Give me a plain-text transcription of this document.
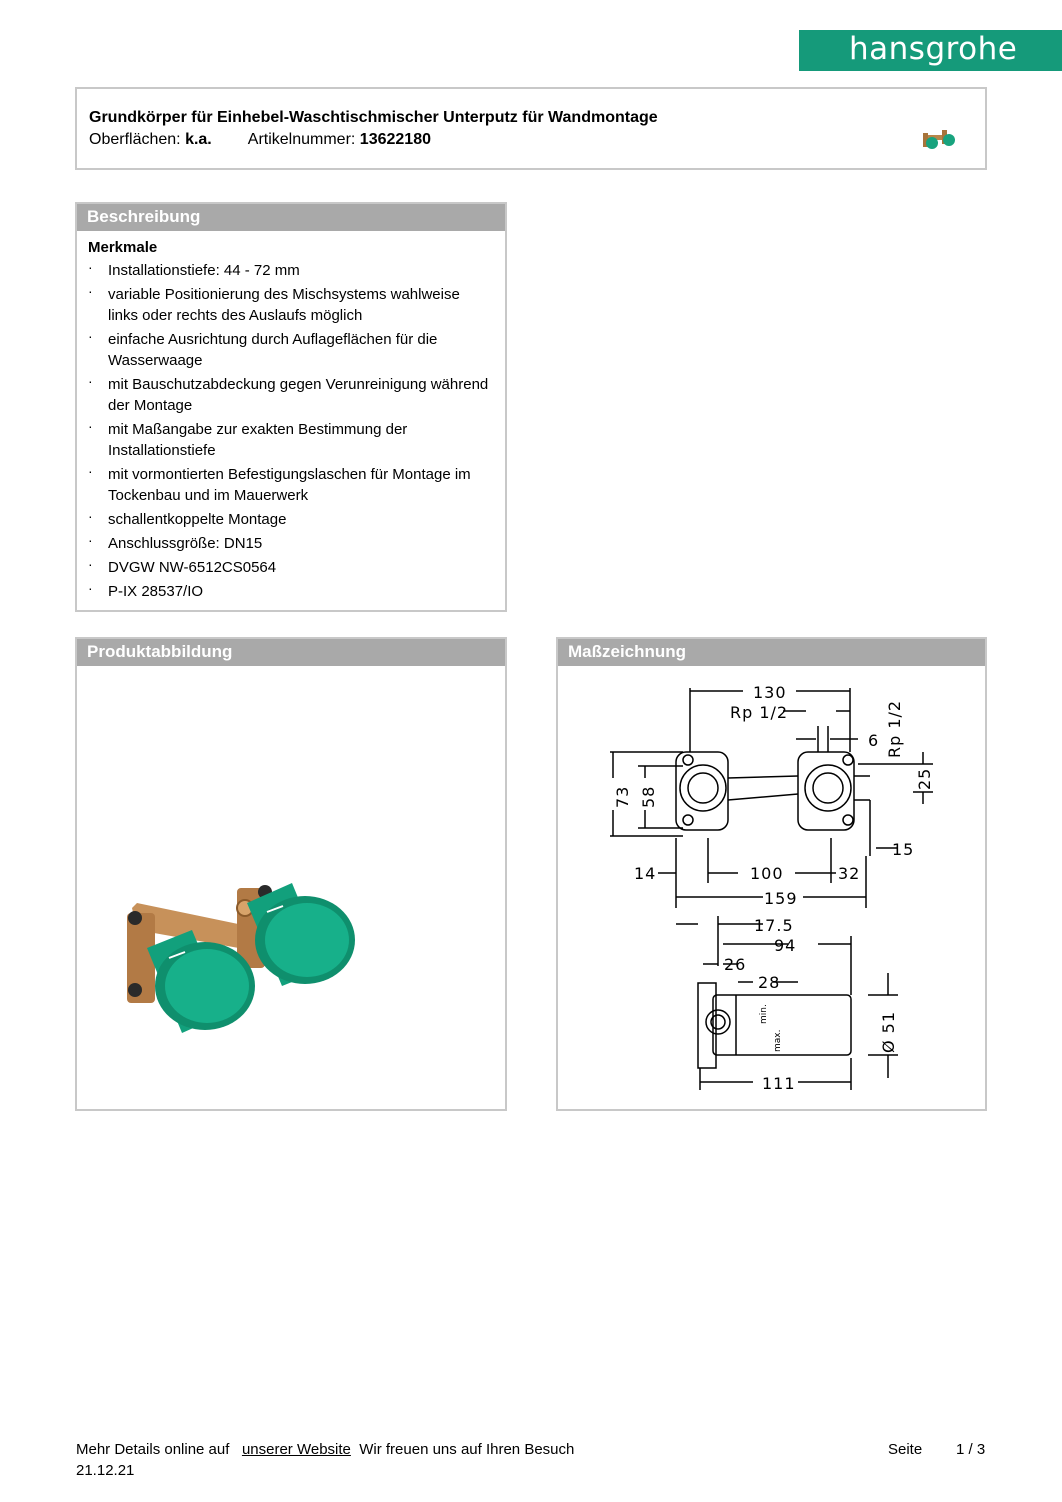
hansgrohe
Grundkörper für Einhebel-Waschtischmischer Unterputz für Wandmontage
Oberflächen: k.a. Artikelnummer: 13622180
Beschreibung
Merkmale
· Installationstiefe: 44 - 72 mm
· variable Positionierung des Mischsystems wahlweise links oder rechts des Auslaufs möglich
· einfache Ausrichtung durch Auflageflächen für die Wasserwaage
· mit Bauschutzabdeckung gegen Verunreinigung während der Montage
· mit Maßangabe zur exakten Bestimmung der Installationstiefe
· mit vormontierten Befestigungslaschen für Montage im Tockenbau und im Mauerwerk
· schallentkoppelte Montage
· Anschlussgröße: DN15
· DVGW NW-6512CS0564
· P-IX 28537/IO
Produktabbildung	Maßzeichnung
130
Rp 1/2	Rp 1/2
6
73 58
25
15
14	100	32
159
17.5
94
26
28
Ø 51
111
min.
max.
Mehr Details online auf unserer Website Wir freuen uns auf Ihren Besuch	Seite 1 / 3
21.12.21
